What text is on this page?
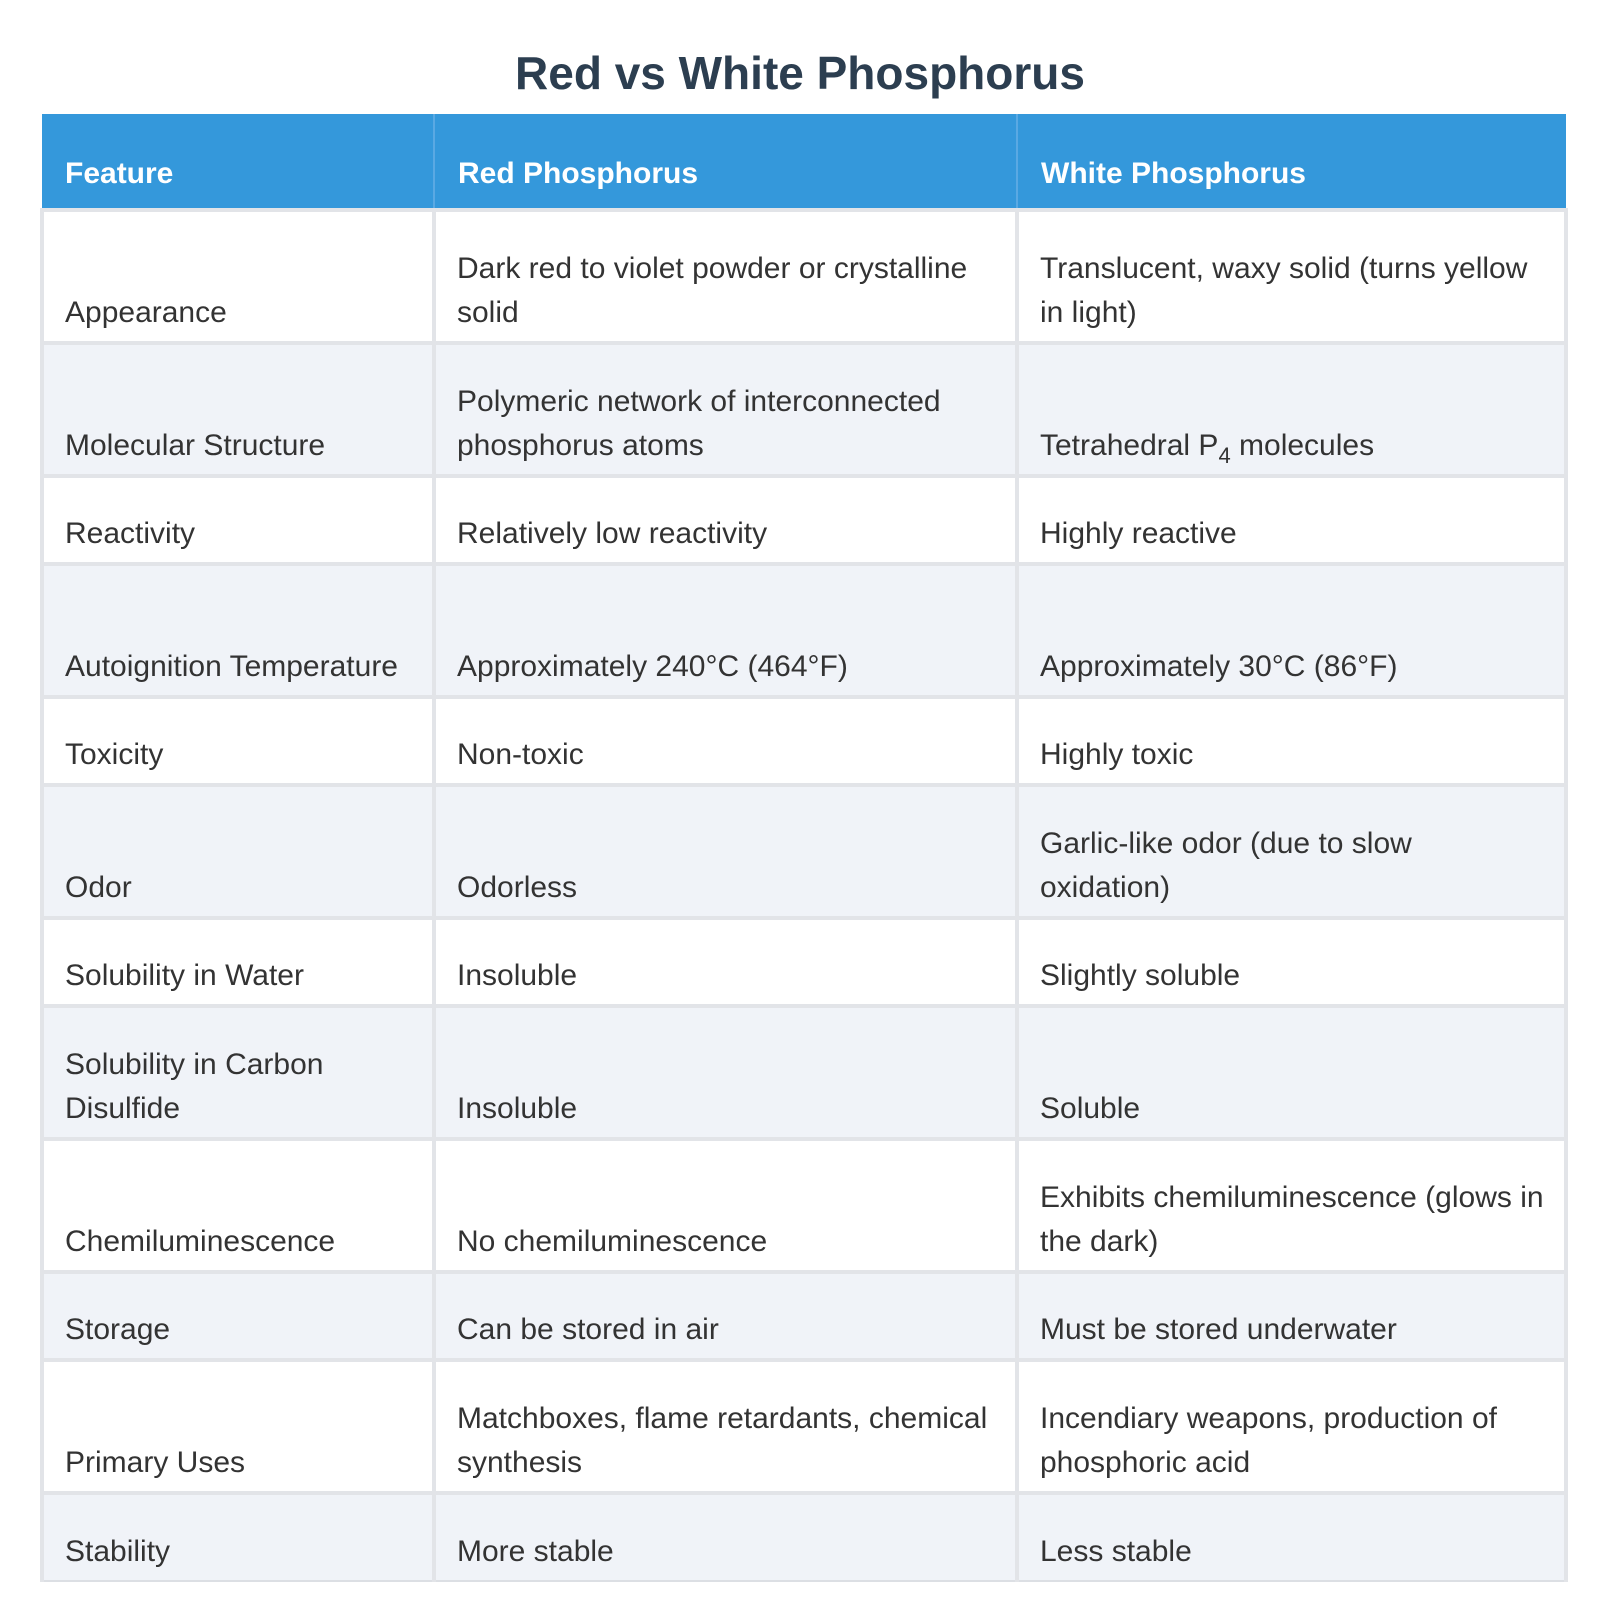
Red vs White Phosphorus
Feature	Red Phosphorus	White Phosphorus
Appearance	Dark red to violet powder or crystalline solid	Translucent, waxy solid (turns yellow in light)
Molecular Structure	Polymeric network of interconnected phosphorus atoms	Tetrahedral $P_4$ molecules
Reactivity	Relatively low reactivity	Highly reactive
Autoignition Temperature	Approximately 240°C (464°F)	Approximately 30°C (86°F)
Toxicity	Non-toxic	Highly toxic
Odor	Odorless	Garlic-like odor (due to slow oxidation)
Solubility in Water	Insoluble	Slightly soluble
Solubility in Carbon Disulfide	Insoluble	Soluble
Chemiluminescence	No chemiluminescence	Exhibits chemiluminescence (glows in the dark)
Storage	Can be stored in air	Must be stored underwater
Primary Uses	Matchboxes, flame retardants, chemical synthesis	Incendiary weapons, production of phosphoric acid
Stability	More stable	Less stable
